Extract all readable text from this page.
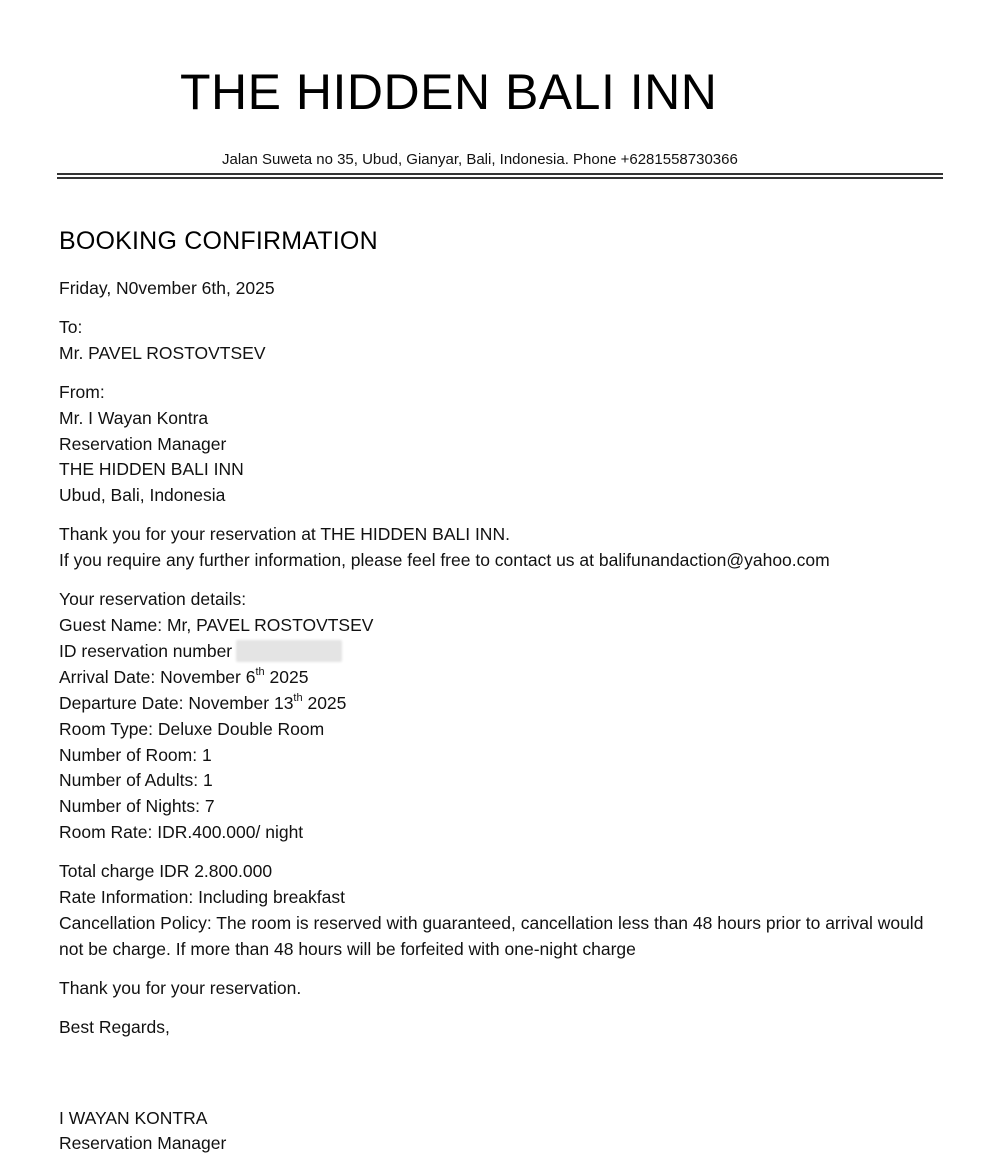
THE HIDDEN BALI INN
Jalan Suweta no 35, Ubud, Gianyar, Bali, Indonesia. Phone +6281558730366
BOOKING CONFIRMATION

Friday, N0vember 6th, 2025

To:
Mr. PAVEL ROSTOVTSEV

From:
Mr. I Wayan Kontra
Reservation Manager
THE HIDDEN BALI INN
Ubud, Bali, Indonesia

Thank you for your reservation at THE HIDDEN BALI INN.
If you require any further information, please feel free to contact us at balifunandaction@yahoo.com

Your reservation details:
Guest Name: Mr, PAVEL ROSTOVTSEV
ID reservation number
Arrival Date: November 6th 2025
Departure Date: November 13th 2025
Room Type: Deluxe Double Room
Number of Room: 1
Number of Adults: 1
Number of Nights: 7
Room Rate: IDR.400.000/ night

Total charge IDR 2.800.000
Rate Information: Including breakfast
Cancellation Policy: The room is reserved with guaranteed, cancellation less than 48 hours prior to arrival would not be charge. If more than 48 hours will be forfeited with one-night charge

Thank you for your reservation.

Best Regards,

I WAYAN KONTRA
Reservation Manager
